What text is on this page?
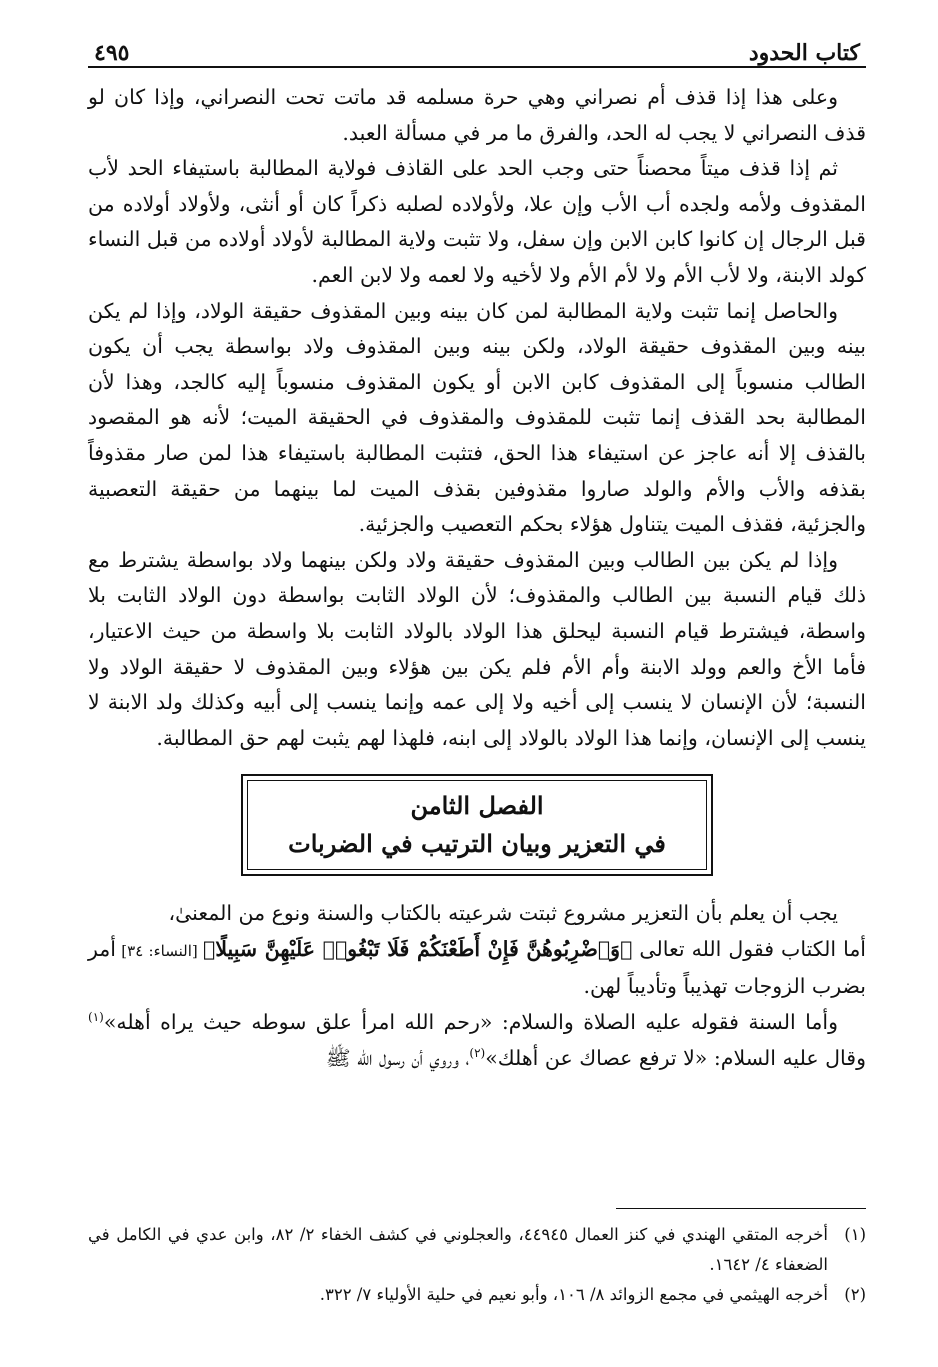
كتاب الحدود
٤٩٥

وعلى هذا إذا قذف أم نصراني وهي حرة مسلمه قد ماتت تحت النصراني، وإذا كان لو قذف النصراني لا يجب له الحد، والفرق ما مر في مسألة العبد.

ثم إذا قذف ميتاً محصناً حتى وجب الحد على القاذف فولاية المطالبة باستيفاء الحد لأب المقذوف ولأمه ولجده أب الأب وإن علا، ولأولاده لصلبه ذكراً كان أو أنثى، ولأولاد أولاده من قبل الرجال إن كانوا كابن الابن وإن سفل، ولا تثبت ولاية المطالبة لأولاد أولاده من قبل النساء كولد الابنة، ولا لأب الأم ولا لأم الأم ولا لأخيه ولا لعمه ولا لابن العم.

والحاصل إنما تثبت ولاية المطالبة لمن كان بينه وبين المقذوف حقيقة الولاد، وإذا لم يكن بينه وبين المقذوف حقيقة الولاد، ولكن بينه وبين المقذوف ولاد بواسطة يجب أن يكون الطالب منسوباً إلى المقذوف كابن الابن أو يكون المقذوف منسوباً إليه كالجد، وهذا لأن المطالبة بحد القذف إنما تثبت للمقذوف والمقذوف في الحقيقة الميت؛ لأنه هو المقصود بالقذف إلا أنه عاجز عن استيفاء هذا الحق، فتثبت المطالبة باستيفاء هذا لمن صار مقذوفاً بقذفه والأب والأم والولد صاروا مقذوفين بقذف الميت لما بينهما من حقيقة التعصبية والجزئية، فقذف الميت يتناول هؤلاء بحكم التعصيب والجزئية.

وإذا لم يكن بين الطالب وبين المقذوف حقيقة ولاد ولكن بينهما ولاد بواسطة يشترط مع ذلك قيام النسبة بين الطالب والمقذوف؛ لأن الولاد الثابت بواسطة دون الولاد الثابت بلا واسطة، فيشترط قيام النسبة ليحلق هذا الولاد بالولاد الثابت بلا واسطة من حيث الاعتيار، فأما الأخ والعم وولد الابنة وأم الأم فلم يكن بين هؤلاء وبين المقذوف لا حقيقة الولاد ولا النسبة؛ لأن الإنسان لا ينسب إلى أخيه ولا إلى عمه وإنما ينسب إلى أبيه وكذلك ولد الابنة لا ينسب إلى الإنسان، وإنما هذا الولاد بالولاد إلى ابنه، فلهذا لهم يثبت لهم حق المطالبة.

الفصل الثامن
في التعزير وبيان الترتيب في الضربات

يجب أن يعلم بأن التعزير مشروع ثبتت شرعيته بالكتاب والسنة ونوع من المعنىٰ،

أما الكتاب فقول الله تعالى ﴿وَٱضْرِبُوهُنَّ فَإِنْ أَطَعْنَكُمْ فَلَا تَبْغُوا۟ عَلَيْهِنَّ سَبِيلًا﴾ [النساء: ٣٤] أمر بضرب الزوجات تهذيباً وتأديباً لهن.

وأما السنة فقوله عليه الصلاة والسلام: «رحم الله امرأ علق سوطه حيث يراه أهله»$^{(١)}$ وقال عليه السلام: «لا ترفع عصاك عن أهلك»$^{(٢)}$، وروي أن رسول الله ﷺ

(١)
أخرجه المتقي الهندي في كنز العمال ٤٤٩٤٥، والعجلوني في كشف الخفاء ٢/ ٨٢، وابن عدي في الكامل في الضعفاء ٤/ ١٦٤٢.
(٢)
أخرجه الهيثمي في مجمع الزوائد ٨/ ١٠٦، وأبو نعيم في حلية الأولياء ٧/ ٣٢٢.
